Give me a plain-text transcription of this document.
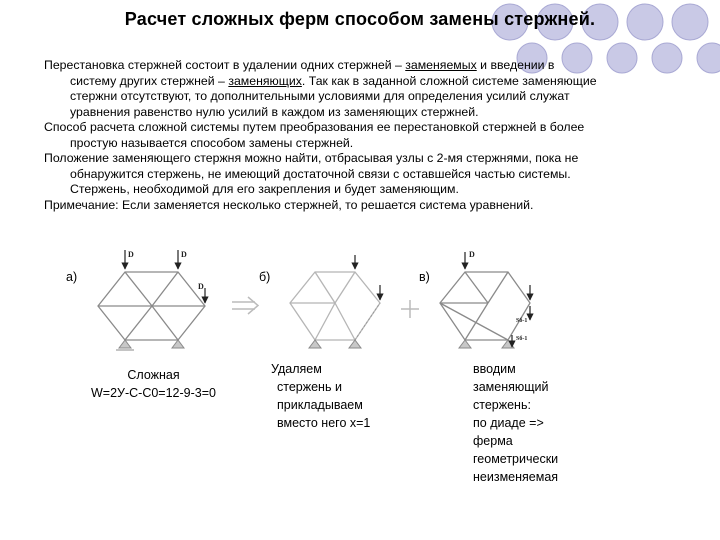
Расчет сложных ферм способом замены стержней.

Перестановка стержней состоит в удалении одних стержней – заменяемых и введении в

систему других стержней – заменяющих. Так как в заданной сложной системе заменяющие

стержни отсутствуют, то дополнительными условиями для определения усилий служат

уравнения равенство нулю усилий в каждом из заменяющих стержней.

Способ расчета сложной системы путем преобразования ее перестановкой стержней в более

простую называется способом замены стержней.

Положение заменяющего стержня можно найти, отбрасывая узлы с 2-мя стержнями, пока не

обнаружится стержень, не имеющий достаточной связи с оставшейся частью системы.

Стержень, необходимой для его закрепления и будет заменяющим.

Примечание: Если заменяется несколько стержней, то решается система уравнений.

D	D
D
D
Sб-1
Sб-1
а)	б)	в)
Сложная
W=2У-С-С0=12-9-3=0
Удаляем
стержень и
прикладываем
вместо него x=1
вводим
заменяющий
стержень:
по диаде =>
ферма
геометрически
неизменяемая
